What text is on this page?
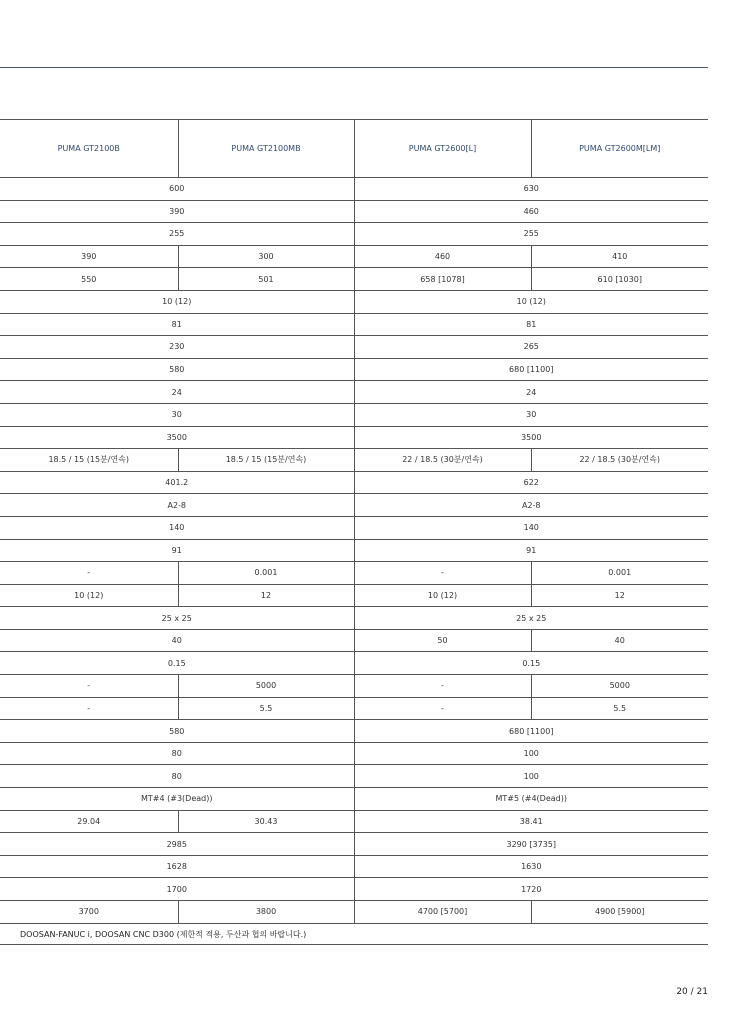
PUMA GT2100B	PUMA GT2100MB	PUMA GT2600[L]	PUMA GT2600M[LM]
600		630	
390		460	
255		255	
390	300	460	410
550	501	658 [1078]	610 [1030]
10 (12)		10 (12)	
81		81	
230		265	
580		680 [1100]	
24		24	
30		30	
3500		3500	
18.5 / 15 (15분/연속)	18.5 / 15 (15분/연속)	22 / 18.5 (30분/연속)	22 / 18.5 (30분/연속)
401.2		622	
A2-8		A2-8	
140		140	
91		91	
-	0.001	-	0.001
10 (12)	12	10 (12)	12
25 x 25		25 x 25	
40		50	40
0.15		0.15	
-	5000	-	5000
-	5.5	-	5.5
580		680 [1100]	
80		100	
80		100	
MT#4 (#3(Dead))		MT#5 (#4(Dead))	
29.04	30.43	38.41	
2985		3290 [3735]	
1628		1630	
1700		1720	
3700	3800	4700 [5700]	4900 [5900]
DOOSAN-FANUC i, DOOSAN CNC D300 (제한적 적용, 두산과 협의 바랍니다.)
20 / 21
